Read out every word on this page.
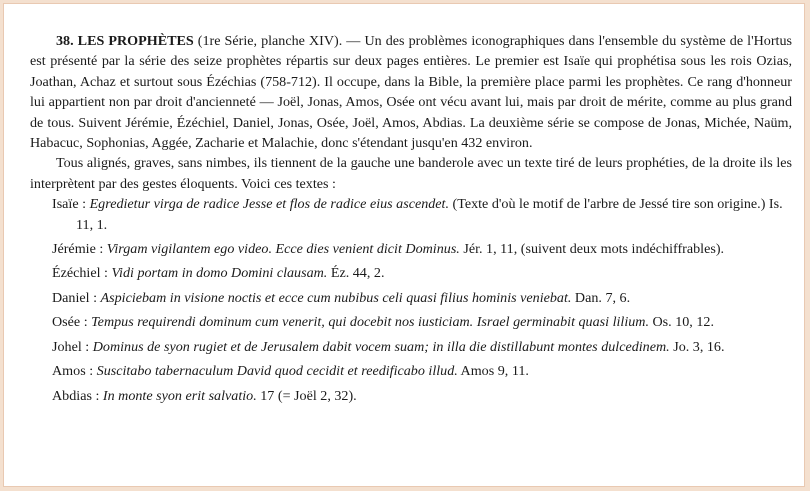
38. LES PROPHÈTES (1re Série, planche XIV). — Un des problèmes iconographiques dans l'ensemble du système de l'Hortus est présenté par la série des seize prophètes répartis sur deux pages entières. Le premier est Isaïe qui prophétisa sous les rois Ozias, Joathan, Achaz et surtout sous Ézéchias (758-712). Il occupe, dans la Bible, la première place parmi les prophètes. Ce rang d'honneur lui appartient non par droit d'ancienneté — Joël, Jonas, Amos, Osée ont vécu avant lui, mais par droit de mérite, comme au plus grand de tous. Suivent Jérémie, Ézéchiel, Daniel, Jonas, Osée, Joël, Amos, Abdias. La deuxième série se compose de Jonas, Michée, Naüm, Habacuc, Sophonias, Aggée, Zacharie et Malachie, donc s'étendant jusqu'en 432 environ.

Tous alignés, graves, sans nimbes, ils tiennent de la gauche une banderole avec un texte tiré de leurs prophéties, de la droite ils les interprètent par des gestes éloquents. Voici ces textes :

Isaïe : Egredietur virga de radice Jesse et flos de radice eius ascendet. (Texte d'où le motif de l'arbre de Jessé tire son origine.) Is. 11, 1.

Jérémie : Virgam vigilantem ego video. Ecce dies venient dicit Dominus. Jér. 1, 11, (suivent deux mots indéchiffrables).

Ézéchiel : Vidi portam in domo Domini clausam. Éz. 44, 2.

Daniel : Aspiciebam in visione noctis et ecce cum nubibus celi quasi filius hominis veniebat. Dan. 7, 6.

Osée : Tempus requirendi dominum cum venerit, qui docebit nos iusticiam. Israel germinabit quasi lilium. Os. 10, 12.

Johel : Dominus de syon rugiet et de Jerusalem dabit vocem suam; in illa die distillabunt montes dulcedinem. Jo. 3, 16.

Amos : Suscitabo tabernaculum David quod cecidit et reedificabo illud. Amos 9, 11.

Abdias : In monte syon erit salvatio. 17 (= Joël 2, 32).
